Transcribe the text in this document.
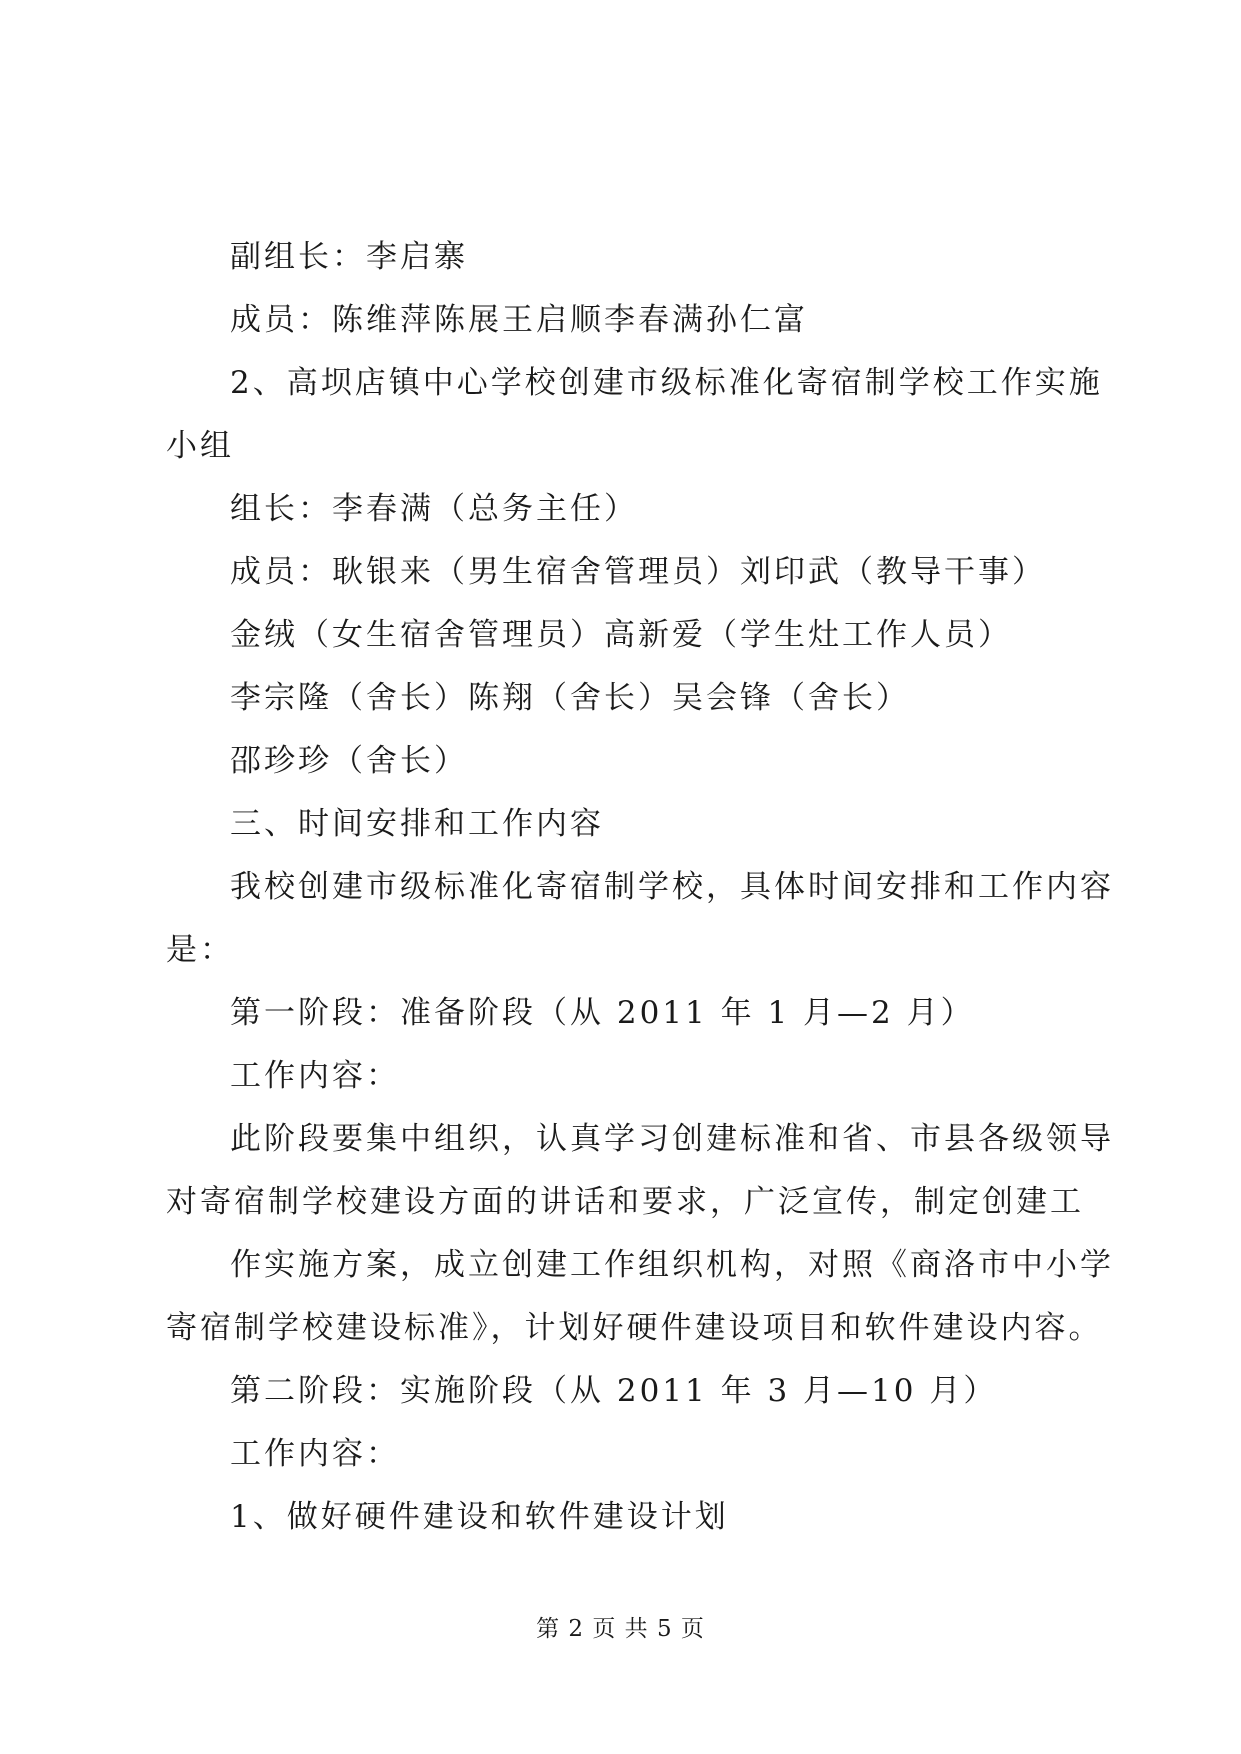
副组长：李启寨
成员：陈维萍陈展王启顺李春满孙仁富
2、高坝店镇中心学校创建市级标准化寄宿制学校工作实施
小组
组长：李春满（总务主任）
成员：耿银来（男生宿舍管理员）刘印武（教导干事）
金绒（女生宿舍管理员）高新爱（学生灶工作人员）
李宗隆（舍长）陈翔（舍长）吴会锋（舍长）
邵珍珍（舍长）
三、时间安排和工作内容
我校创建市级标准化寄宿制学校，具体时间安排和工作内容
是：
第一阶段：准备阶段（从 2011 年 1 月—2 月）
工作内容：
此阶段要集中组织，认真学习创建标准和省、市县各级领导
对寄宿制学校建设方面的讲话和要求，广泛宣传，制定创建工
作实施方案，成立创建工作组织机构，对照《商洛市中小学
寄宿制学校建设标准》，计划好硬件建设项目和软件建设内容。
第二阶段：实施阶段（从 2011 年 3 月—10 月）
工作内容：
1、做好硬件建设和软件建设计划
第 2 页 共 5 页
